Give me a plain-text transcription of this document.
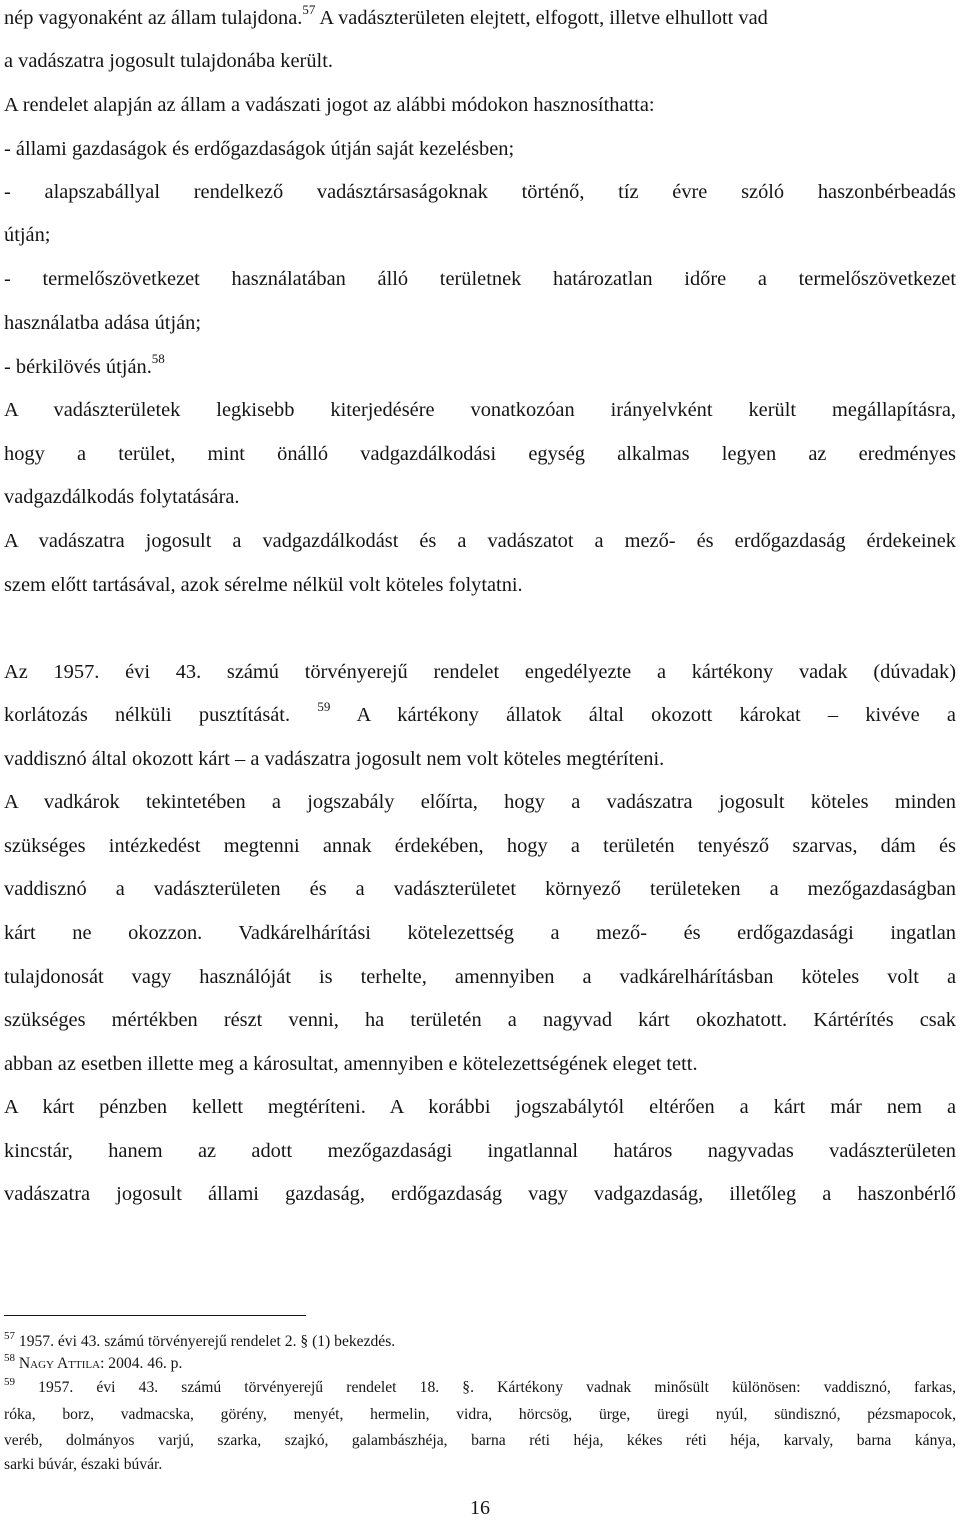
nép vagyonaként az állam tulajdona.$^{57}$ A vadászterületen elejtett, elfogott, illetve elhullott vad
a vadászatra jogosult tulajdonába került.
A rendelet alapján az állam a vadászati jogot az alábbi módokon hasznosíthatta:
- állami gazdaságok és erdőgazdaságok útján saját kezelésben;
- alapszabállyal rendelkező vadásztársaságoknak történő, tíz évre szóló haszonbérbeadás
útján;
- termelőszövetkezet használatában álló területnek határozatlan időre a termelőszövetkezet
használatba adása útján;
- bérkilövés útján.$^{58}$
A vadászterületek legkisebb kiterjedésére vonatkozóan irányelvként került megállapításra,
hogy a terület, mint önálló vadgazdálkodási egység alkalmas legyen az eredményes
vadgazdálkodás folytatására.
A vadászatra jogosult a vadgazdálkodást és a vadászatot a mező- és erdőgazdaság érdekeinek
szem előtt tartásával, azok sérelme nélkül volt köteles folytatni.
Az 1957. évi 43. számú törvényerejű rendelet engedélyezte a kártékony vadak (dúvadak)
korlátozás nélküli pusztítását. $^{59}$ A kártékony állatok által okozott károkat – kivéve a
vaddisznó által okozott kárt – a vadászatra jogosult nem volt köteles megtéríteni.
A vadkárok tekintetében a jogszabály előírta, hogy a vadászatra jogosult köteles minden
szükséges intézkedést megtenni annak érdekében, hogy a területén tenyésző szarvas, dám és
vaddisznó a vadászterületen és a vadászterületet környező területeken a mezőgazdaságban
kárt ne okozzon. Vadkárelhárítási kötelezettség a mező- és erdőgazdasági ingatlan
tulajdonosát vagy használóját is terhelte, amennyiben a vadkárelhárításban köteles volt a
szükséges mértékben részt venni, ha területén a nagyvad kárt okozhatott. Kártérítés csak
abban az esetben illette meg a károsultat, amennyiben e kötelezettségének eleget tett.
A kárt pénzben kellett megtéríteni. A korábbi jogszabálytól eltérően a kárt már nem a
kincstár, hanem az adott mezőgazdasági ingatlannal határos nagyvadas vadászterületen
vadászatra jogosult állami gazdaság, erdőgazdaság vagy vadgazdaság, illetőleg a haszonbérlő
$^{57}$ 1957. évi 43. számú törvényerejű rendelet 2. § (1) bekezdés.
$^{58}$ Nagy Attila: 2004. 46. p.
$^{59}$ 1957. évi 43. számú törvényerejű rendelet 18. §. Kártékony vadnak minősült különösen: vaddisznó, farkas,
róka, borz, vadmacska, görény, menyét, hermelin, vidra, hörcsög, ürge, üregi nyúl, sündisznó, pézsmapocok,
veréb, dolmányos varjú, szarka, szajkó, galambászhéja, barna réti héja, kékes réti héja, karvaly, barna kánya,
sarki búvár, északi búvár.
16
